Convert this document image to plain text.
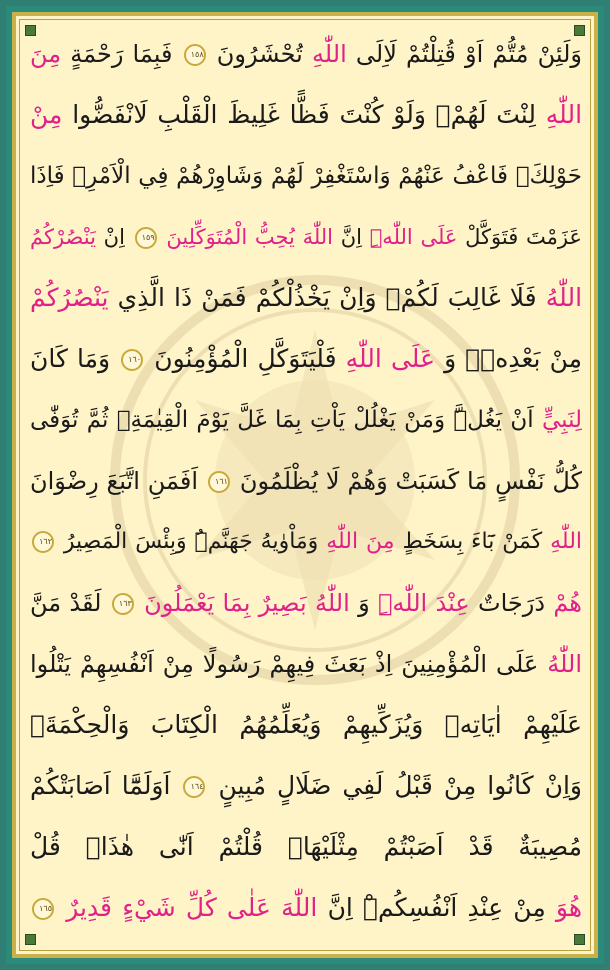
وَلَئِنْ مُتُّمْ اَوْ قُتِلْتُمْ لَاِلَى اللّٰهِ تُحْشَرُونَ ١٥٨ فَبِمَا رَحْمَةٍ مِنَ
اللّٰهِ لِنْتَ لَهُمْۚ وَلَوْ كُنْتَ فَظًّا غَلِيظَ الْقَلْبِ لَانْفَضُّوا مِنْ
حَوْلِكَۖ فَاعْفُ عَنْهُمْ وَاسْتَغْفِرْ لَهُمْ وَشَاوِرْهُمْ فِي الْاَمْرِۚ فَاِذَا
عَزَمْتَ فَتَوَكَّلْ عَلَى اللّٰهِۜ اِنَّ اللّٰهَ يُحِبُّ الْمُتَوَكِّلِينَ ١٥٩ اِنْ يَنْصُرْكُمُ
اللّٰهُ فَلَا غَالِبَ لَكُمْۚ وَاِنْ يَخْذُلْكُمْ فَمَنْ ذَا الَّذِي يَنْصُرُكُمْ
مِنْ بَعْدِهٖۜ وَ عَلَى اللّٰهِ فَلْيَتَوَكَّلِ الْمُؤْمِنُونَ ١٦٠ وَمَا كَانَ
لِنَبِيٍّ اَنْ يَغُلَّۜ وَمَنْ يَغْلُلْ يَاْتِ بِمَا غَلَّ يَوْمَ الْقِيٰمَةِۚ ثُمَّ تُوَفّٰى
كُلُّ نَفْسٍ مَا كَسَبَتْ وَهُمْ لَا يُظْلَمُونَ ١٦١ اَفَمَنِ اتَّبَعَ رِضْوَانَ
اللّٰهِ كَمَنْ بَٓاءَ بِسَخَطٍ مِنَ اللّٰهِ وَمَاْوٰيهُ جَهَنَّمُۜ وَبِئْسَ الْمَصِيرُ ١٦٢
هُمْ دَرَجَاتٌ عِنْدَ اللّٰهِۜ وَ اللّٰهُ بَصِيرٌ بِمَا يَعْمَلُونَ ١٦٣ لَقَدْ مَنَّ
اللّٰهُ عَلَى الْمُؤْمِنِينَ اِذْ بَعَثَ فِيهِمْ رَسُولًا مِنْ اَنْفُسِهِمْ يَتْلُوا
عَلَيْهِمْ اٰيَاتِهٖ وَيُزَكِّيهِمْ وَيُعَلِّمُهُمُ الْكِتَابَ وَالْحِكْمَةَۚ
وَاِنْ كَانُوا مِنْ قَبْلُ لَفِي ضَلَالٍ مُبِينٍ ١٦٤ اَوَلَمَّٓا اَصَابَتْكُمْ
مُصِيبَةٌ قَدْ اَصَبْتُمْ مِثْلَيْهَاۙ قُلْتُمْ اَنّٰى هٰذَاۜ قُلْ
هُوَ مِنْ عِنْدِ اَنْفُسِكُمْۜ اِنَّ اللّٰهَ عَلٰى كُلِّ شَيْءٍ قَدِيرٌ ١٦٥
